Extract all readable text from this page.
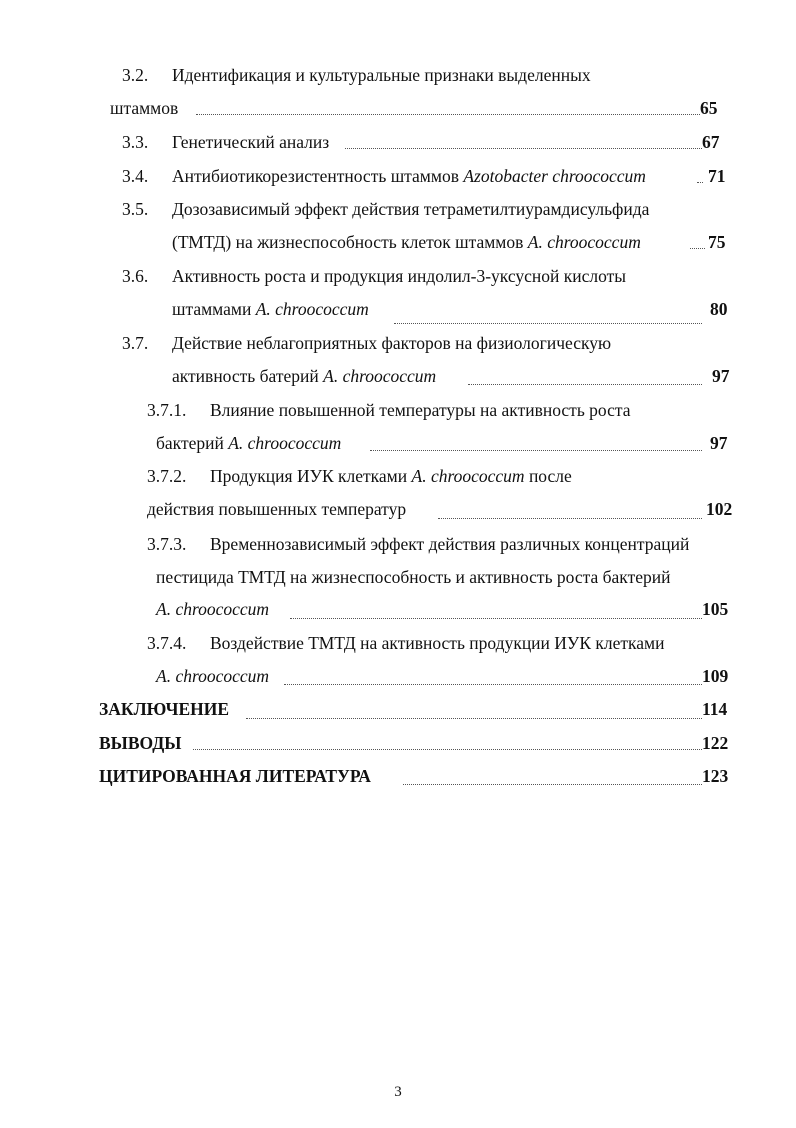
3.2. Идентификация и культуральные признаки выделенных
штаммов	65
3.3. Генетический анализ	67
3.4. Антибиотикорезистентность штаммов Azotobacter chroococcum	71
3.5. Дозозависимый эффект действия тетраметилтиурамдисульфида
(ТМТД) на жизнеспособность клеток штаммов A. chroococcum	75
3.6. Активность роста и продукция индолил-3-уксусной кислоты
штаммами A. chroococcum	80
3.7. Действие неблагоприятных факторов на физиологическую
активность батерий A. chroococcum	97
3.7.1. Влияние повышенной температуры на активность роста
бактерий A. chroococcum	97
3.7.2. Продукция ИУК клетками A. chroococcum после
действия повышенных температур	102
3.7.3. Временнозависимый эффект действия различных концентраций
пестицида ТМТД на жизнеспособность и активность роста бактерий
A. chroococcum	105
3.7.4. Воздействие ТМТД на активность продукции ИУК клетками
A. chroococcum	109
ЗАКЛЮЧЕНИЕ	114
ВЫВОДЫ	122
ЦИТИРОВАННАЯ ЛИТЕРАТУРА	123
3
